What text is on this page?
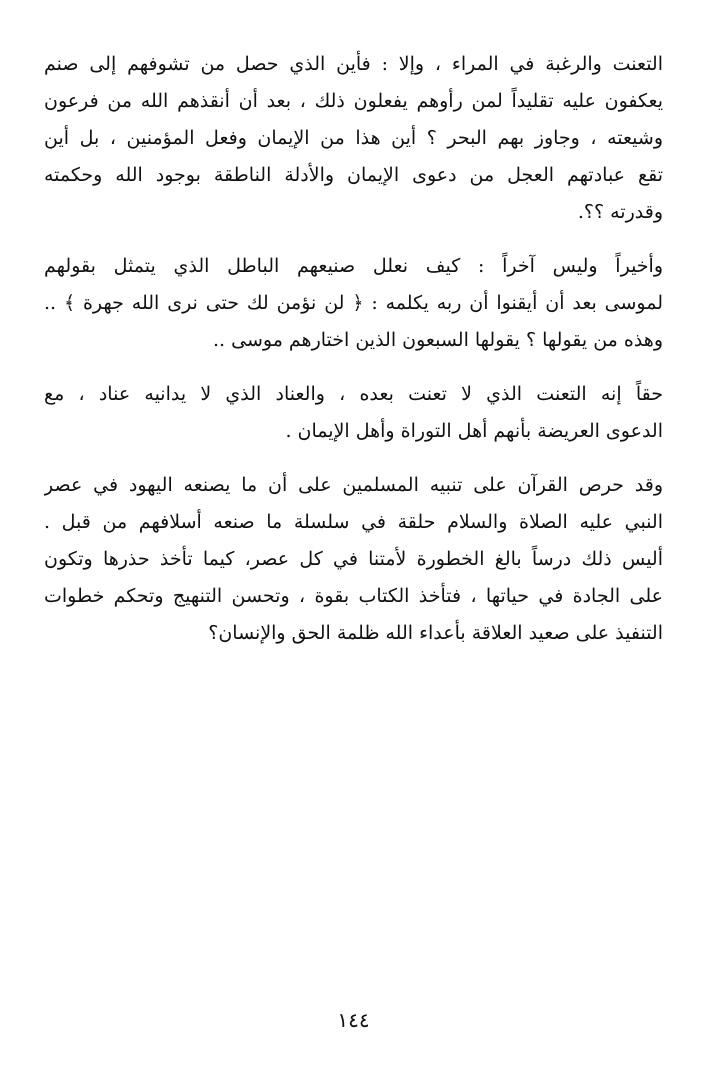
التعنت والرغبة في المراء ، وإلا : فأين الذي حصل من تشوفهم إلى صنم
يعكفون عليه تقليداً لمن رأوهم يفعلون ذلك ، بعد أن أنقذهم الله من فرعون
وشيعته ، وجاوز بهم البحر ؟ أين هذا من الإيمان وفعل المؤمنين ، بل أين
تقع عبادتهم العجل من دعوى الإيمان والأدلة الناطقة بوجود الله وحكمته
وقدرته ؟؟.
وأخيراً وليس آخراً : كيف نعلل صنيعهم الباطل الذي يتمثل بقولهم
لموسى بعد أن أيقنوا أن ربه يكلمه : ﴿ لن نؤمن لك حتى نرى الله جهرة ﴾ ..
وهذه من يقولها ؟ يقولها السبعون الذين اختارهم موسى ..
حقاً إنه التعنت الذي لا تعنت بعده ، والعناد الذي لا يدانيه عناد ، مع
الدعوى العريضة بأنهم أهل التوراة وأهل الإيمان .
وقد حرص القرآن على تنبيه المسلمين على أن ما يصنعه اليهود في عصر
النبي عليه الصلاة والسلام حلقة في سلسلة ما صنعه أسلافهم من قبل .
أليس ذلك درساً بالغ الخطورة لأمتنا في كل عصر، كيما تأخذ حذرها وتكون
على الجادة في حياتها ، فتأخذ الكتاب بقوة ، وتحسن التنهيج وتحكم خطوات
التنفيذ على صعيد العلاقة بأعداء الله ظلمة الحق والإنسان؟
١٤٤
